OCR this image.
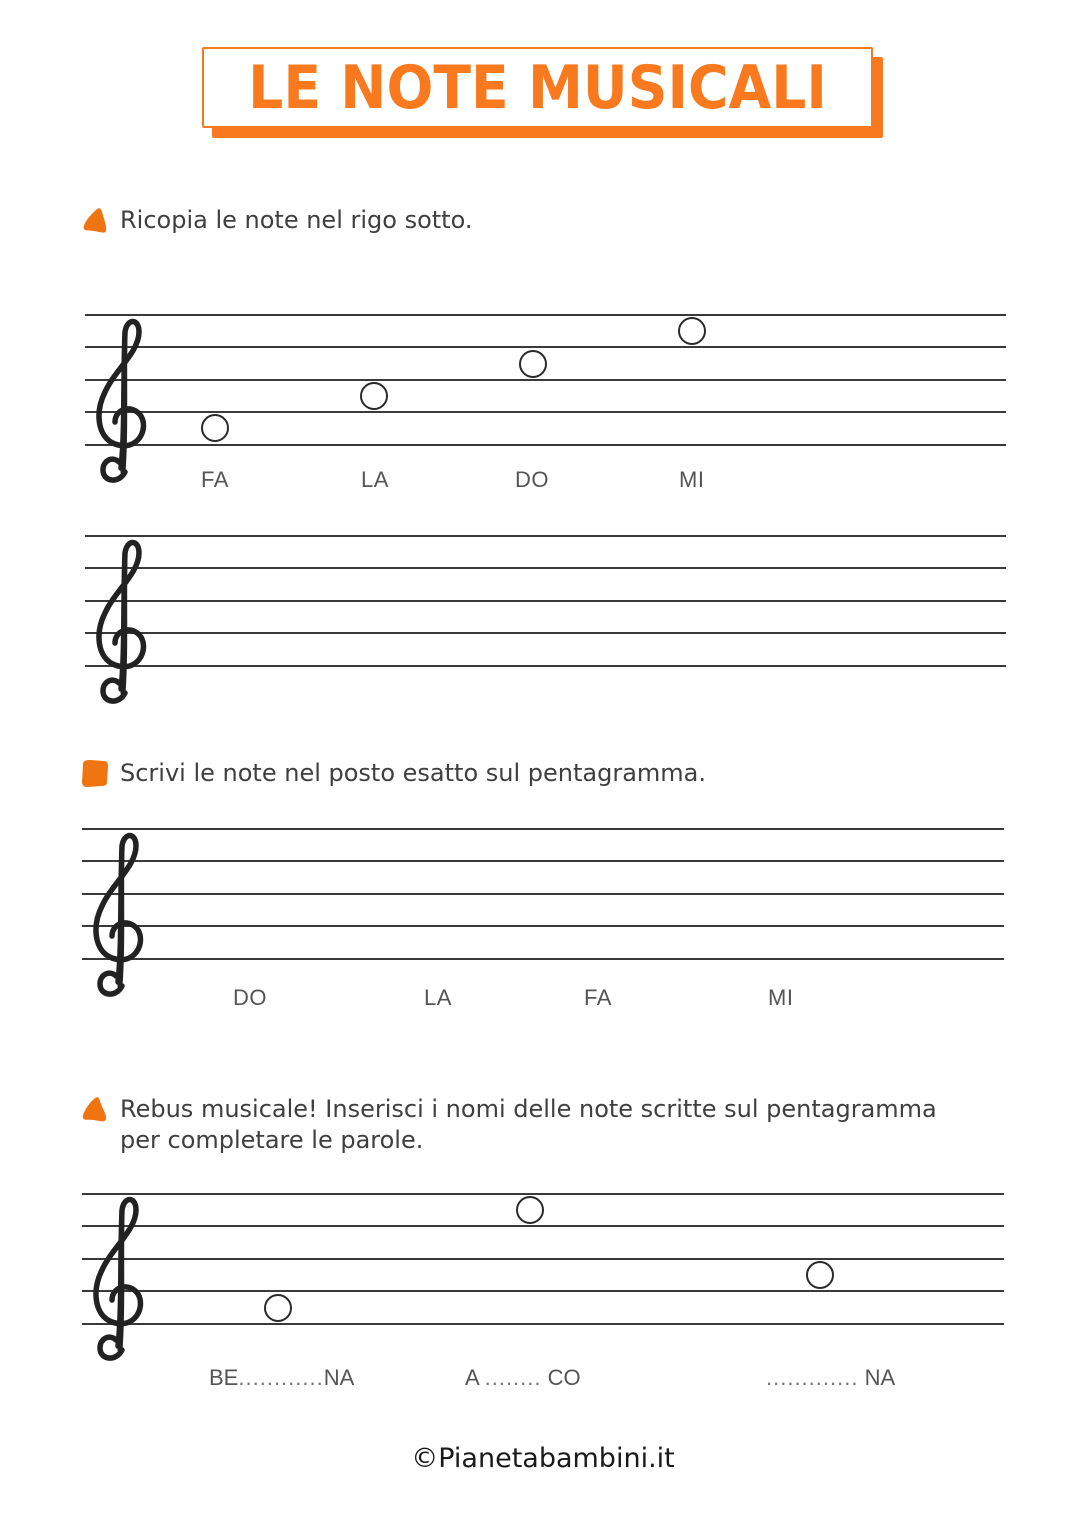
LE NOTE MUSICALI
Ricopia le note nel rigo sotto.
FA	LA	DO	MI
Scrivi le note nel posto esatto sul pentagramma.
DO	LA	FA	MI
Rebus musicale! Inserisci i nomi delle note scritte sul pentagramma
per completare le parole.
BE............NA	A ........ CO	............. NA
©Pianetabambini.it
